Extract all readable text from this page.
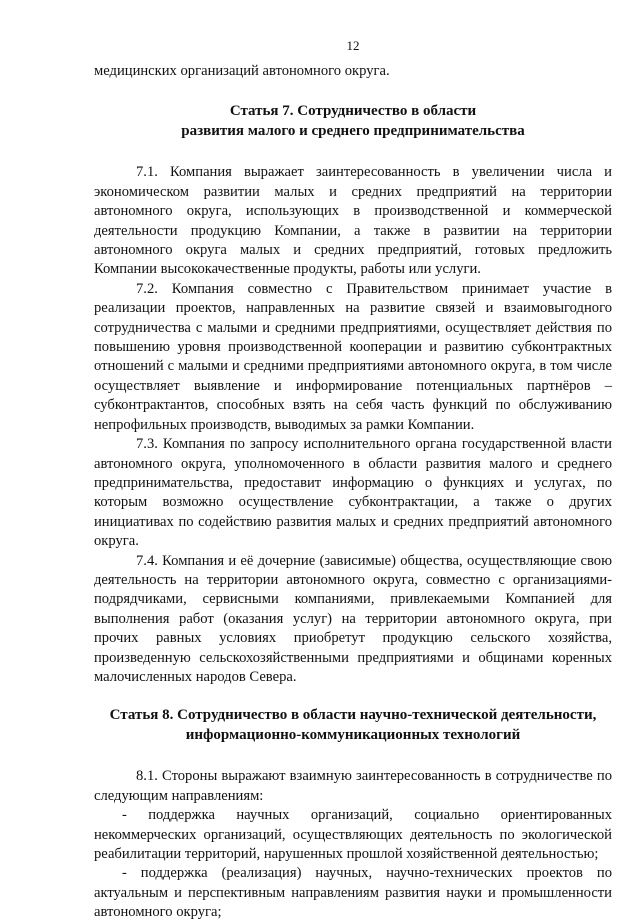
12

медицинских организаций автономного округа.

Статья 7. Сотрудничество в области
развития малого и среднего предпринимательства

7.1. Компания выражает заинтересованность в увеличении числа и экономическом развитии малых и средних предприятий на территории автономного округа, использующих в производственной и коммерческой деятельности продукцию Компании, а также в развитии на территории автономного округа малых и средних предприятий, готовых предложить Компании высококачественные продукты, работы или услуги.

7.2. Компания совместно с Правительством принимает участие в реализации проектов, направленных на развитие связей и взаимовыгодного сотрудничества с малыми и средними предприятиями, осуществляет действия по повышению уровня производственной кооперации и развитию субконтрактных отношений с малыми и средними предприятиями автономного округа, в том числе осуществляет выявление и информирование потенциальных партнёров – субконтрактантов, способных взять на себя часть функций по обслуживанию непрофильных производств, выводимых за рамки Компании.

7.3. Компания по запросу исполнительного органа государственной власти автономного округа, уполномоченного в области развития малого и среднего предпринимательства, предоставит информацию о функциях и услугах, по которым возможно осуществление субконтрактации, а также о других инициативах по содействию развития малых и средних предприятий автономного округа.

7.4. Компания и её дочерние (зависимые) общества, осуществляющие свою деятельность на территории автономного округа, совместно с организациями-подрядчиками, сервисными компаниями, привлекаемыми Компанией для выполнения работ (оказания услуг) на территории автономного округа, при прочих равных условиях приобретут продукцию сельского хозяйства, произведенную сельскохозяйственными предприятиями и общинами коренных малочисленных народов Севера.

Статья 8. Сотрудничество в области научно-технической деятельности,
информационно-коммуникационных технологий

8.1. Стороны выражают взаимную заинтересованность в сотрудничестве по следующим направлениям:

- поддержка научных организаций, социально ориентированных некоммерческих организаций, осуществляющих деятельность по экологической реабилитации территорий, нарушенных прошлой хозяйственной деятельностью;

- поддержка (реализация) научных, научно-технических проектов по актуальным и перспективным направлениям развития науки и промышленности автономного округа;
